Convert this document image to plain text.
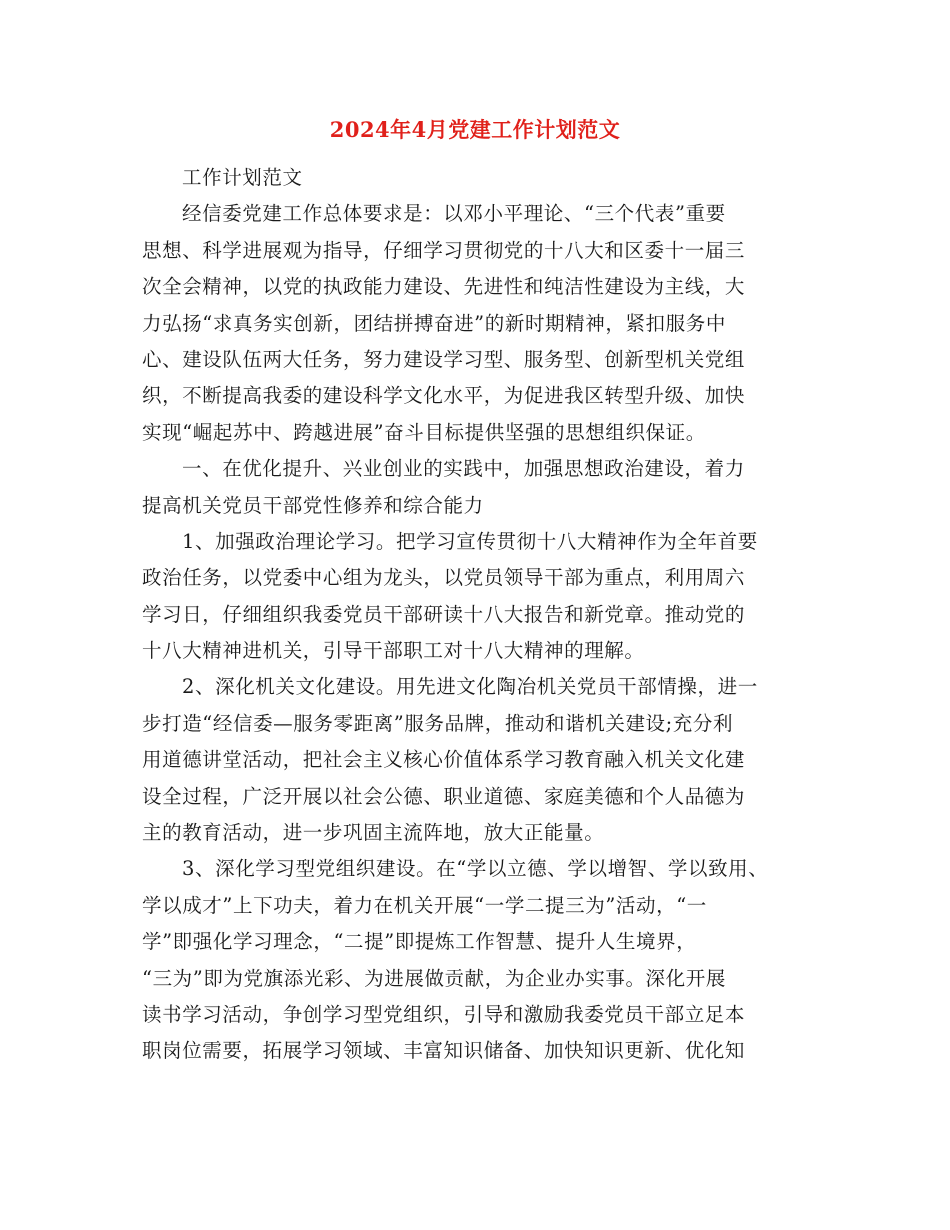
2024年4月党建工作计划范文
工作计划范文
经信委党建工作总体要求是：以邓小平理论、“三个代表”重要
思想、科学进展观为指导，仔细学习贯彻党的十八大和区委十一届三
次全会精神，以党的执政能力建设、先进性和纯洁性建设为主线，大
力弘扬“求真务实创新，团结拼搏奋进”的新时期精神，紧扣服务中
心、建设队伍两大任务，努力建设学习型、服务型、创新型机关党组
织，不断提高我委的建设科学文化水平，为促进我区转型升级、加快
实现“崛起苏中、跨越进展”奋斗目标提供坚强的思想组织保证。
一、在优化提升、兴业创业的实践中，加强思想政治建设，着力
提高机关党员干部党性修养和综合能力
1、加强政治理论学习。把学习宣传贯彻十八大精神作为全年首要
政治任务，以党委中心组为龙头，以党员领导干部为重点，利用周六
学习日，仔细组织我委党员干部研读十八大报告和新党章。推动党的
十八大精神进机关，引导干部职工对十八大精神的理解。
2、深化机关文化建设。用先进文化陶冶机关党员干部情操，进一
步打造“经信委—服务零距离”服务品牌，推动和谐机关建设;充分利
用道德讲堂活动，把社会主义核心价值体系学习教育融入机关文化建
设全过程，广泛开展以社会公德、职业道德、家庭美德和个人品德为
主的教育活动，进一步巩固主流阵地，放大正能量。
3、深化学习型党组织建设。在“学以立德、学以增智、学以致用、
学以成才”上下功夫，着力在机关开展“一学二提三为”活动，“一
学”即强化学习理念，“二提”即提炼工作智慧、提升人生境界，
“三为”即为党旗添光彩、为进展做贡献，为企业办实事。深化开展
读书学习活动，争创学习型党组织，引导和激励我委党员干部立足本
职岗位需要，拓展学习领域、丰富知识储备、加快知识更新、优化知
